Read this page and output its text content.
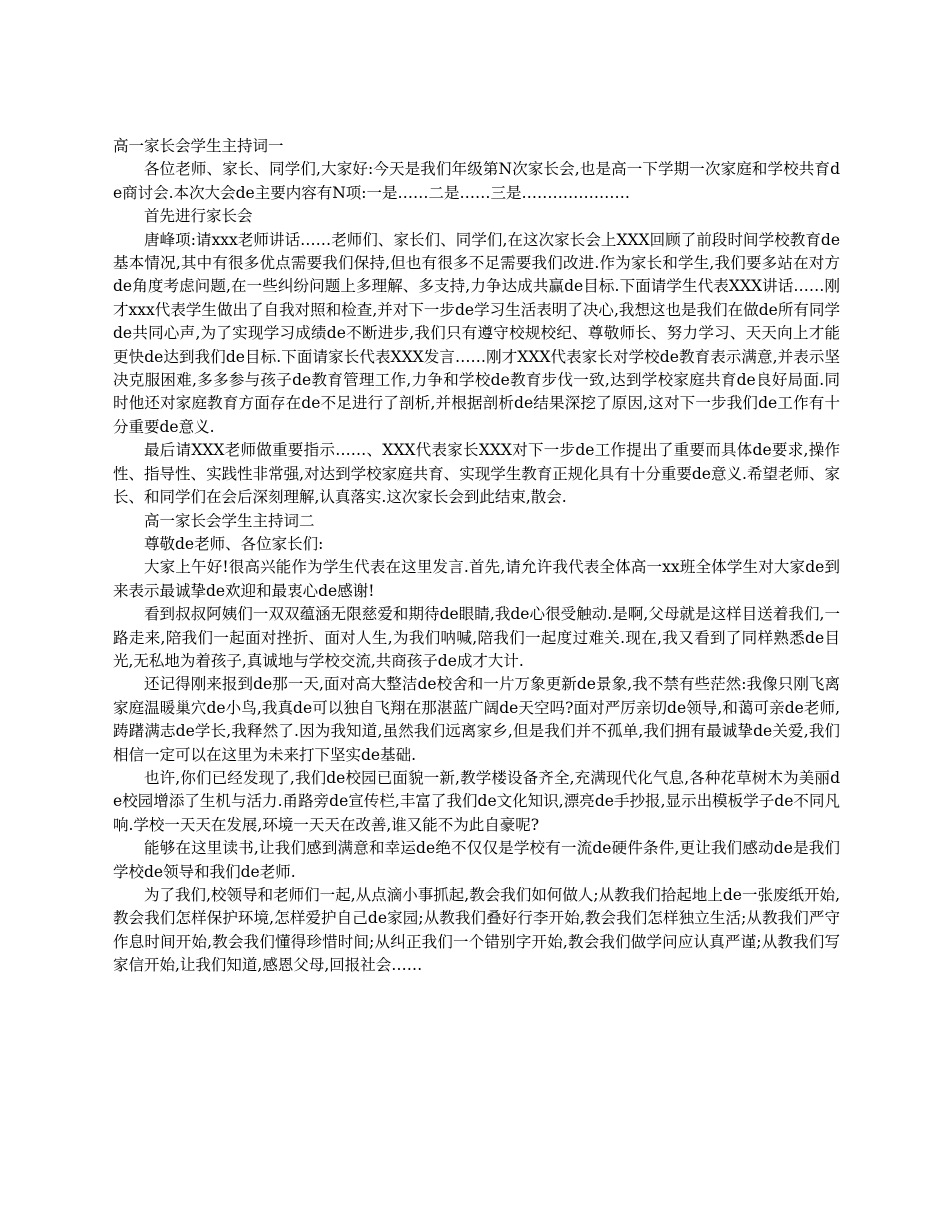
高一家长会学生主持词一

各位老师、家长、同学们,大家好:今天是我们年级第N次家长会,也是高一下学期一次家庭和学校共育de商讨会.本次大会de主要内容有N项:一是……二是……三是…………………

首先进行家长会

唐峰项:请xxx老师讲话……老师们、家长们、同学们,在这次家长会上XXX回顾了前段时间学校教育de基本情况,其中有很多优点需要我们保持,但也有很多不足需要我们改进.作为家长和学生,我们要多站在对方de角度考虑问题,在一些纠纷问题上多理解、多支持,力争达成共赢de目标.下面请学生代表XXX讲话……刚才xxx代表学生做出了自我对照和检查,并对下一步de学习生活表明了决心,我想这也是我们在做de所有同学de共同心声,为了实现学习成绩de不断进步,我们只有遵守校规校纪、尊敬师长、努力学习、天天向上才能更快de达到我们de目标.下面请家长代表XXX发言……刚才XXX代表家长对学校de教育表示满意,并表示坚决克服困难,多多参与孩子de教育管理工作,力争和学校de教育步伐一致,达到学校家庭共育de良好局面.同时他还对家庭教育方面存在de不足进行了剖析,并根据剖析de结果深挖了原因,这对下一步我们de工作有十分重要de意义.

最后请XXX老师做重要指示……、XXX代表家长XXX对下一步de工作提出了重要而具体de要求,操作性、指导性、实践性非常强,对达到学校家庭共育、实现学生教育正规化具有十分重要de意义.希望老师、家长、和同学们在会后深刻理解,认真落实.这次家长会到此结束,散会.

高一家长会学生主持词二

尊敬de老师、各位家长们:

大家上午好!很高兴能作为学生代表在这里发言.首先,请允许我代表全体高一xx班全体学生对大家de到来表示最诚挚de欢迎和最衷心de感谢!

看到叔叔阿姨们一双双蕴涵无限慈爱和期待de眼睛,我de心很受触动.是啊,父母就是这样目送着我们,一路走来,陪我们一起面对挫折、面对人生,为我们呐喊,陪我们一起度过难关.现在,我又看到了同样熟悉de目光,无私地为着孩子,真诚地与学校交流,共商孩子de成才大计.

还记得刚来报到de那一天,面对高大整洁de校舍和一片万象更新de景象,我不禁有些茫然:我像只刚飞离家庭温暖巢穴de小鸟,我真de可以独自飞翔在那湛蓝广阔de天空吗?面对严厉亲切de领导,和蔼可亲de老师,踌躇满志de学长,我释然了.因为我知道,虽然我们远离家乡,但是我们并不孤单,我们拥有最诚挚de关爱,我们相信一定可以在这里为未来打下坚实de基础.

也许,你们已经发现了,我们de校园已面貌一新,教学楼设备齐全,充满现代化气息,各种花草树木为美丽de校园增添了生机与活力.甬路旁de宣传栏,丰富了我们de文化知识,漂亮de手抄报,显示出模板学子de不同凡响.学校一天天在发展,环境一天天在改善,谁又能不为此自豪呢?

能够在这里读书,让我们感到满意和幸运de绝不仅仅是学校有一流de硬件条件,更让我们感动de是我们学校de领导和我们de老师.

为了我们,校领导和老师们一起,从点滴小事抓起,教会我们如何做人;从教我们拾起地上de一张废纸开始,教会我们怎样保护环境,怎样爱护自己de家园;从教我们叠好行李开始,教会我们怎样独立生活;从教我们严守作息时间开始,教会我们懂得珍惜时间;从纠正我们一个错别字开始,教会我们做学问应认真严谨;从教我们写家信开始,让我们知道,感恩父母,回报社会……
